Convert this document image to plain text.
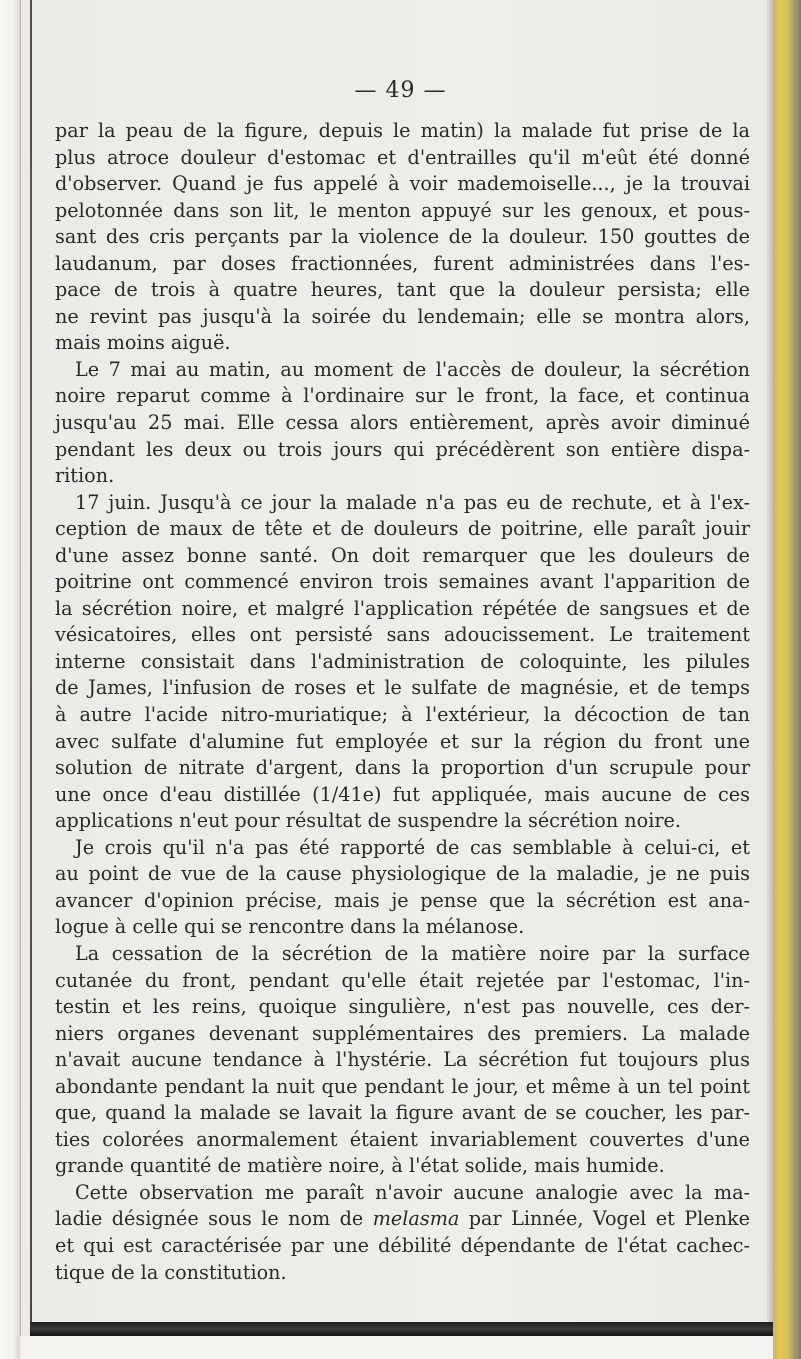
— 49 —
par la peau de la figure, depuis le matin) la malade fut prise de la
plus atroce douleur d'estomac et d'entrailles qu'il m'eût été donné
d'observer. Quand je fus appelé à voir mademoiselle..., je la trouvai
pelotonnée dans son lit, le menton appuyé sur les genoux, et pous-
sant des cris perçants par la violence de la douleur. 150 gouttes de
laudanum, par doses fractionnées, furent administrées dans l'es-
pace de trois à quatre heures, tant que la douleur persista; elle
ne revint pas jusqu'à la soirée du lendemain; elle se montra alors,
mais moins aiguë.
Le 7 mai au matin, au moment de l'accès de douleur, la sécrétion
noire reparut comme à l'ordinaire sur le front, la face, et continua
jusqu'au 25 mai. Elle cessa alors entièrement, après avoir diminué
pendant les deux ou trois jours qui précédèrent son entière dispa-
rition.
17 juin. Jusqu'à ce jour la malade n'a pas eu de rechute, et à l'ex-
ception de maux de tête et de douleurs de poitrine, elle paraît jouir
d'une assez bonne santé. On doit remarquer que les douleurs de
poitrine ont commencé environ trois semaines avant l'apparition de
la sécrétion noire, et malgré l'application répétée de sangsues et de
vésicatoires, elles ont persisté sans adoucissement. Le traitement
interne consistait dans l'administration de coloquinte, les pilules
de James, l'infusion de roses et le sulfate de magnésie, et de temps
à autre l'acide nitro-muriatique; à l'extérieur, la décoction de tan
avec sulfate d'alumine fut employée et sur la région du front une
solution de nitrate d'argent, dans la proportion d'un scrupule pour
une once d'eau distillée (1/41e) fut appliquée, mais aucune de ces
applications n'eut pour résultat de suspendre la sécrétion noire.
Je crois qu'il n'a pas été rapporté de cas semblable à celui-ci, et
au point de vue de la cause physiologique de la maladie, je ne puis
avancer d'opinion précise, mais je pense que la sécrétion est ana-
logue à celle qui se rencontre dans la mélanose.
La cessation de la sécrétion de la matière noire par la surface
cutanée du front, pendant qu'elle était rejetée par l'estomac, l'in-
testin et les reins, quoique singulière, n'est pas nouvelle, ces der-
niers organes devenant supplémentaires des premiers. La malade
n'avait aucune tendance à l'hystérie. La sécrétion fut toujours plus
abondante pendant la nuit que pendant le jour, et même à un tel point
que, quand la malade se lavait la figure avant de se coucher, les par-
ties colorées anormalement étaient invariablement couvertes d'une
grande quantité de matière noire, à l'état solide, mais humide.
Cette observation me paraît n'avoir aucune analogie avec la ma-
ladie désignée sous le nom de melasma par Linnée, Vogel et Plenke
et qui est caractérisée par une débilité dépendante de l'état cachec-
tique de la constitution.
